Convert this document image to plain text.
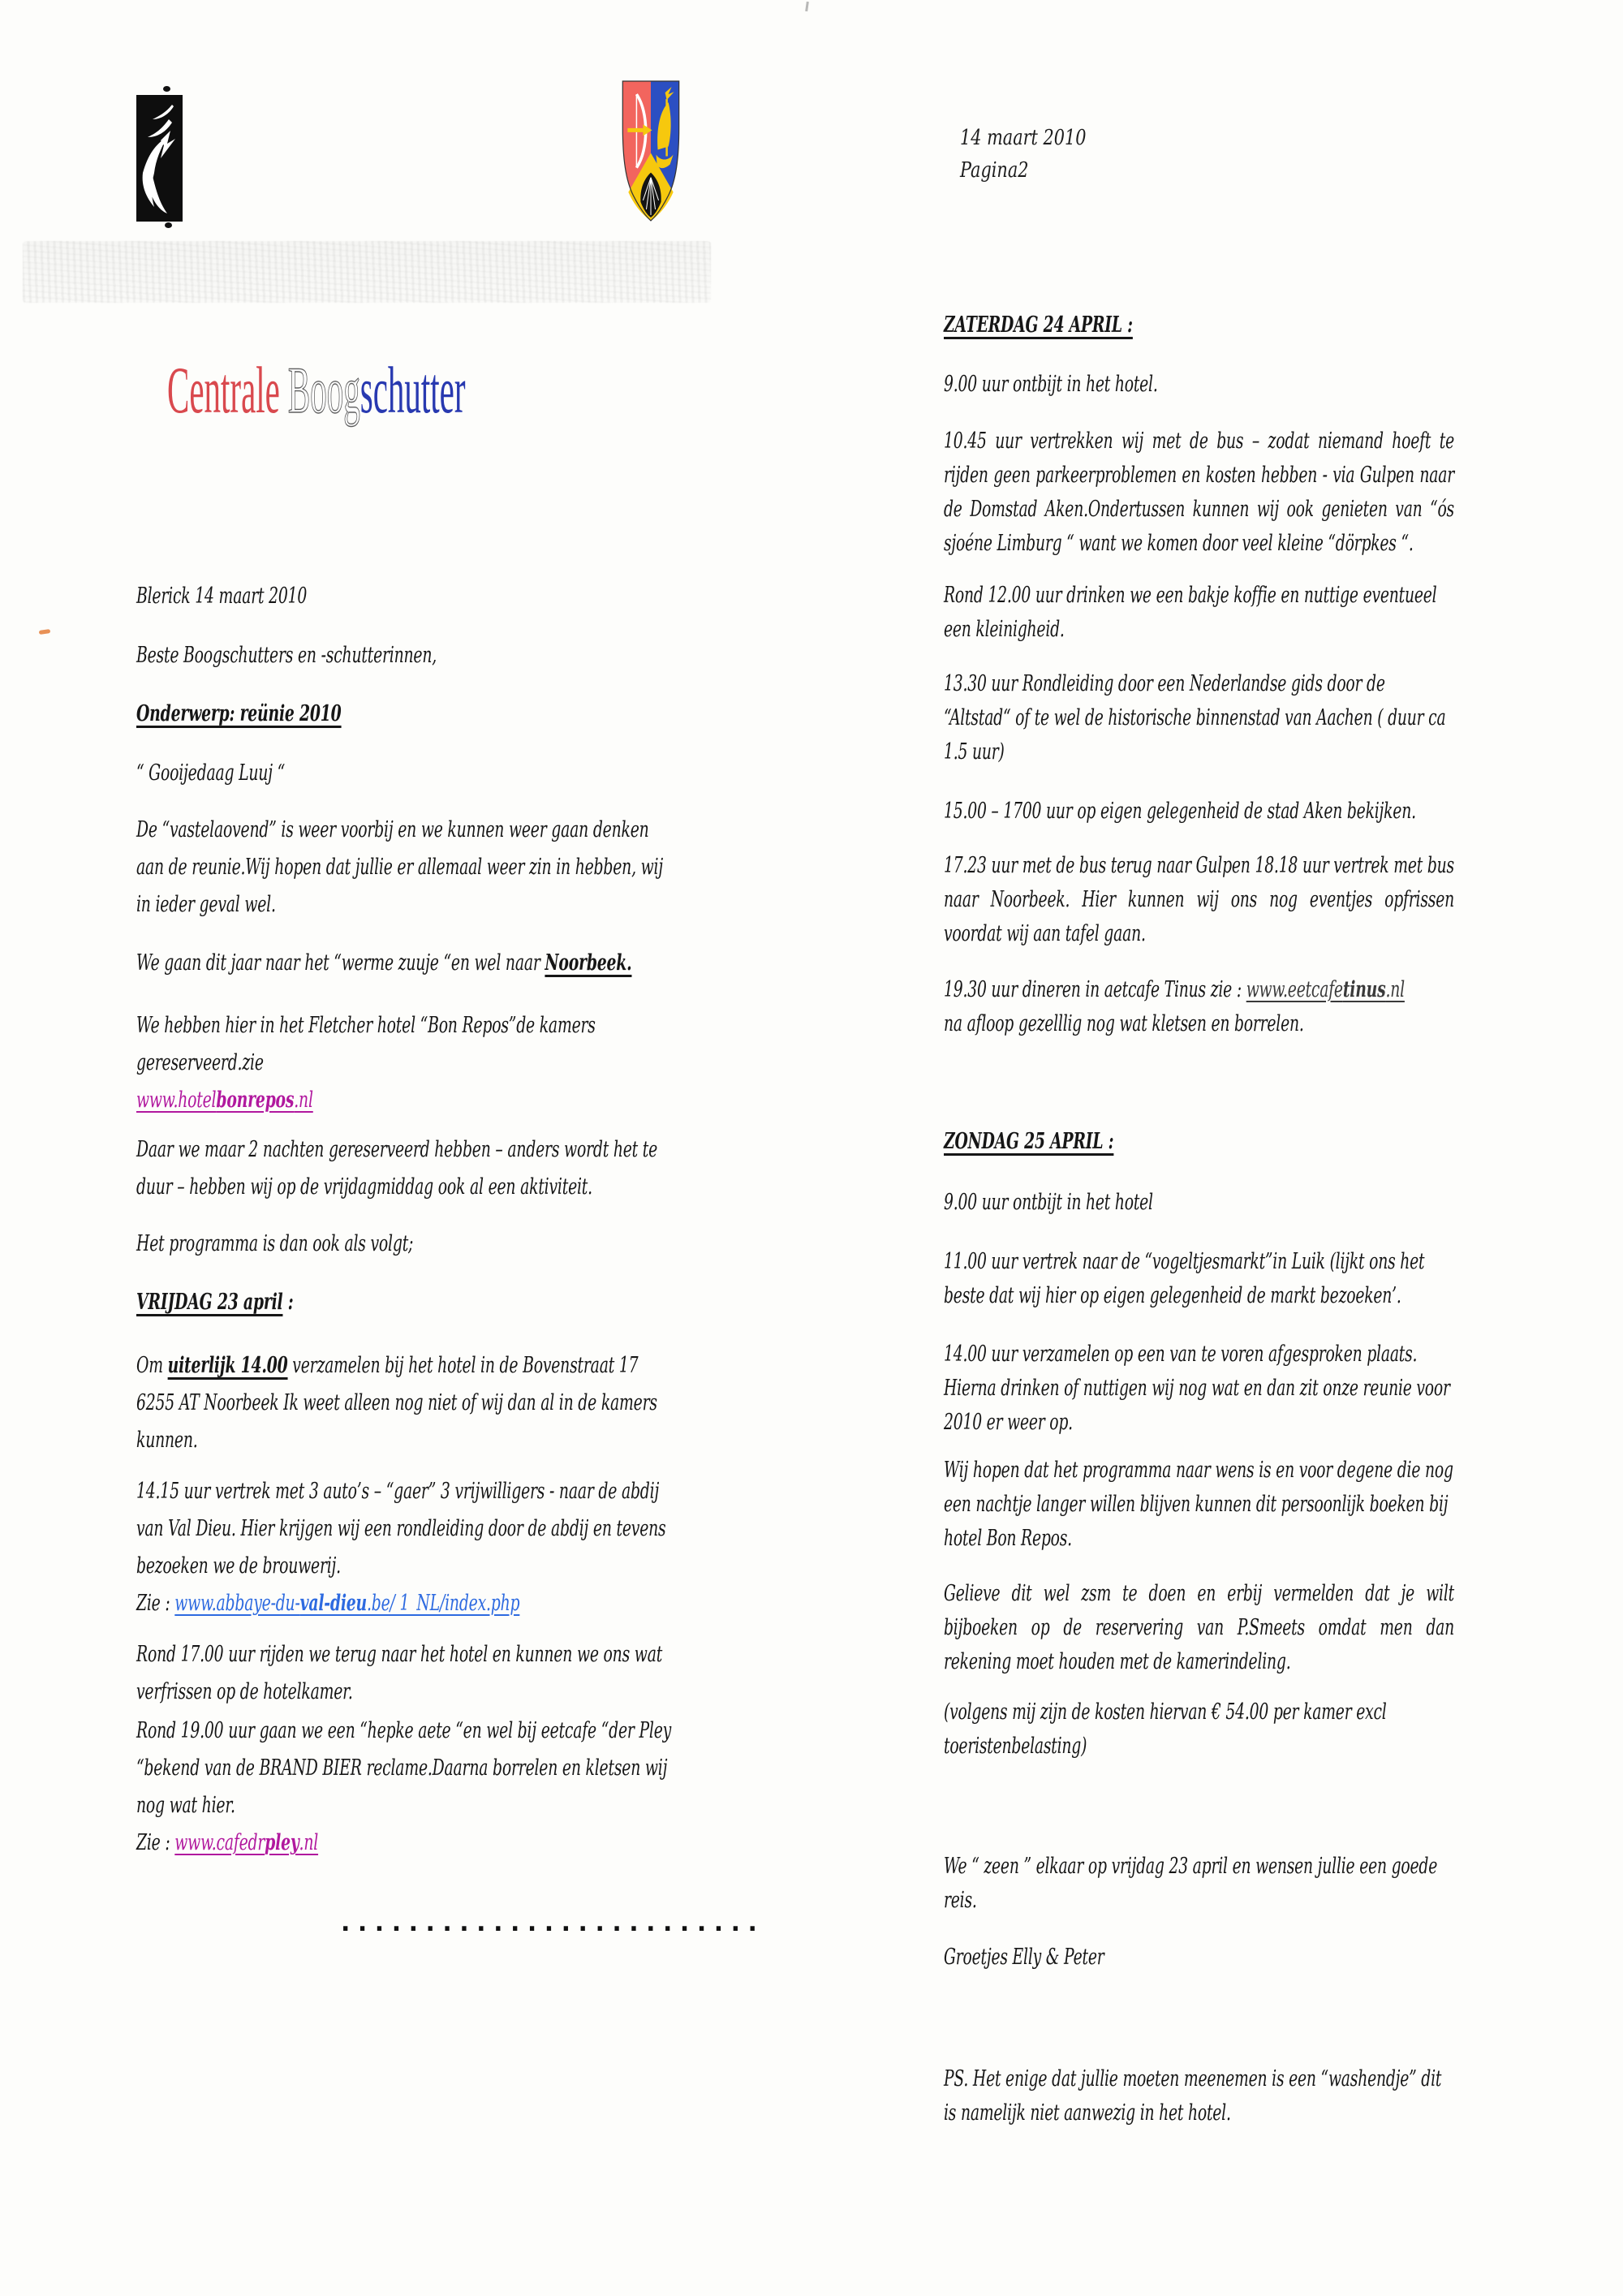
14 maart 2010
Pagina2
Centrale Boogschutter

Blerick 14 maart 2010

Beste Boogschutters en -schutterinnen,

Onderwerp: reünie 2010

“ Gooijedaag Luuj “

De “vastelaovend” is weer voorbij en we kunnen weer gaan denken aan de reunie.Wij hopen dat jullie er allemaal weer zin in hebben, wij in ieder geval wel.

We gaan dit jaar naar het “werme zuuje “en wel naar Noorbeek.

We hebben hier in het Fletcher hotel “Bon Repos”de kamers gereserveerd.zie
www.hotelbonrepos.nl

Daar we maar 2 nachten gereserveerd hebben – anders wordt het te duur – hebben wij op de vrijdagmiddag ook al een aktiviteit.

Het programma is dan ook als volgt;

VRIJDAG 23 april :

Om uiterlijk 14.00 verzamelen bij het hotel in de Bovenstraat 17 6255 AT Noorbeek Ik weet alleen nog niet of wij dan al in de kamers kunnen.

14.15 uur vertrek met 3 auto’s – “gaer” 3 vrijwilligers - naar de abdij van Val Dieu. Hier krijgen wij een rondleiding door de abdij en tevens bezoeken we de brouwerij.
Zie : www.abbaye-du-val-dieu.be/ 1_NL/index.php

Rond 17.00 uur rijden we terug naar het hotel en kunnen we ons wat verfrissen op de hotelkamer.

Rond 19.00 uur gaan we een “hepke aete “en wel bij eetcafe “der Pley “bekend van de BRAND BIER reclame.Daarna borrelen en kletsen wij nog wat hier.
Zie : www.cafedrpley.nl

ZATERDAG 24 APRIL :

9.00 uur ontbijt in het hotel.

10.45 uur vertrekken wij met de bus – zodat niemand hoeft te rijden geen parkeerproblemen en kosten hebben - via Gulpen naar de Domstad Aken.Ondertussen kunnen wij ook genieten van “ós sjoéne Limburg “ want we komen door veel kleine “dörpkes “.

Rond 12.00 uur drinken we een bakje koffie en nuttige eventueel een kleinigheid.

13.30 uur Rondleiding door een Nederlandse gids door de “Altstad“ of te wel de historische binnenstad van Aachen ( duur ca 1.5 uur)

15.00 – 1700 uur op eigen gelegenheid de stad Aken bekijken.

17.23 uur met de bus terug naar Gulpen 18.18 uur vertrek met bus naar Noorbeek. Hier kunnen wij ons nog eventjes opfrissen voordat wij aan tafel gaan.

19.30 uur dineren in aetcafe Tinus zie : www.eetcafetinus.nl
na afloop gezelllig nog wat kletsen en borrelen.

ZONDAG 25 APRIL :

9.00 uur ontbijt in het hotel

11.00 uur vertrek naar de “vogeltjesmarkt”in Luik (lijkt ons het beste dat wij hier op eigen gelegenheid de markt bezoeken’.

14.00 uur verzamelen op een van te voren afgesproken plaats. Hierna drinken of nuttigen wij nog wat en dan zit onze reunie voor 2010 er weer op.

Wij hopen dat het programma naar wens is en voor degene die nog een nachtje langer willen blijven kunnen dit persoonlijk boeken bij hotel Bon Repos.

Gelieve dit wel zsm te doen en erbij vermelden dat je wilt bijboeken op de reservering van P.Smeets omdat men dan rekening moet houden met de kamerindeling.

(volgens mij zijn de kosten hiervan € 54.00 per kamer excl toeristenbelasting)

We “ zeen ” elkaar op vrijdag 23 april en wensen jullie een goede reis.

Groetjes Elly & Peter

PS. Het enige dat jullie moeten meenemen is een “washendje” dit is namelijk niet aanwezig in het hotel.

.........................
